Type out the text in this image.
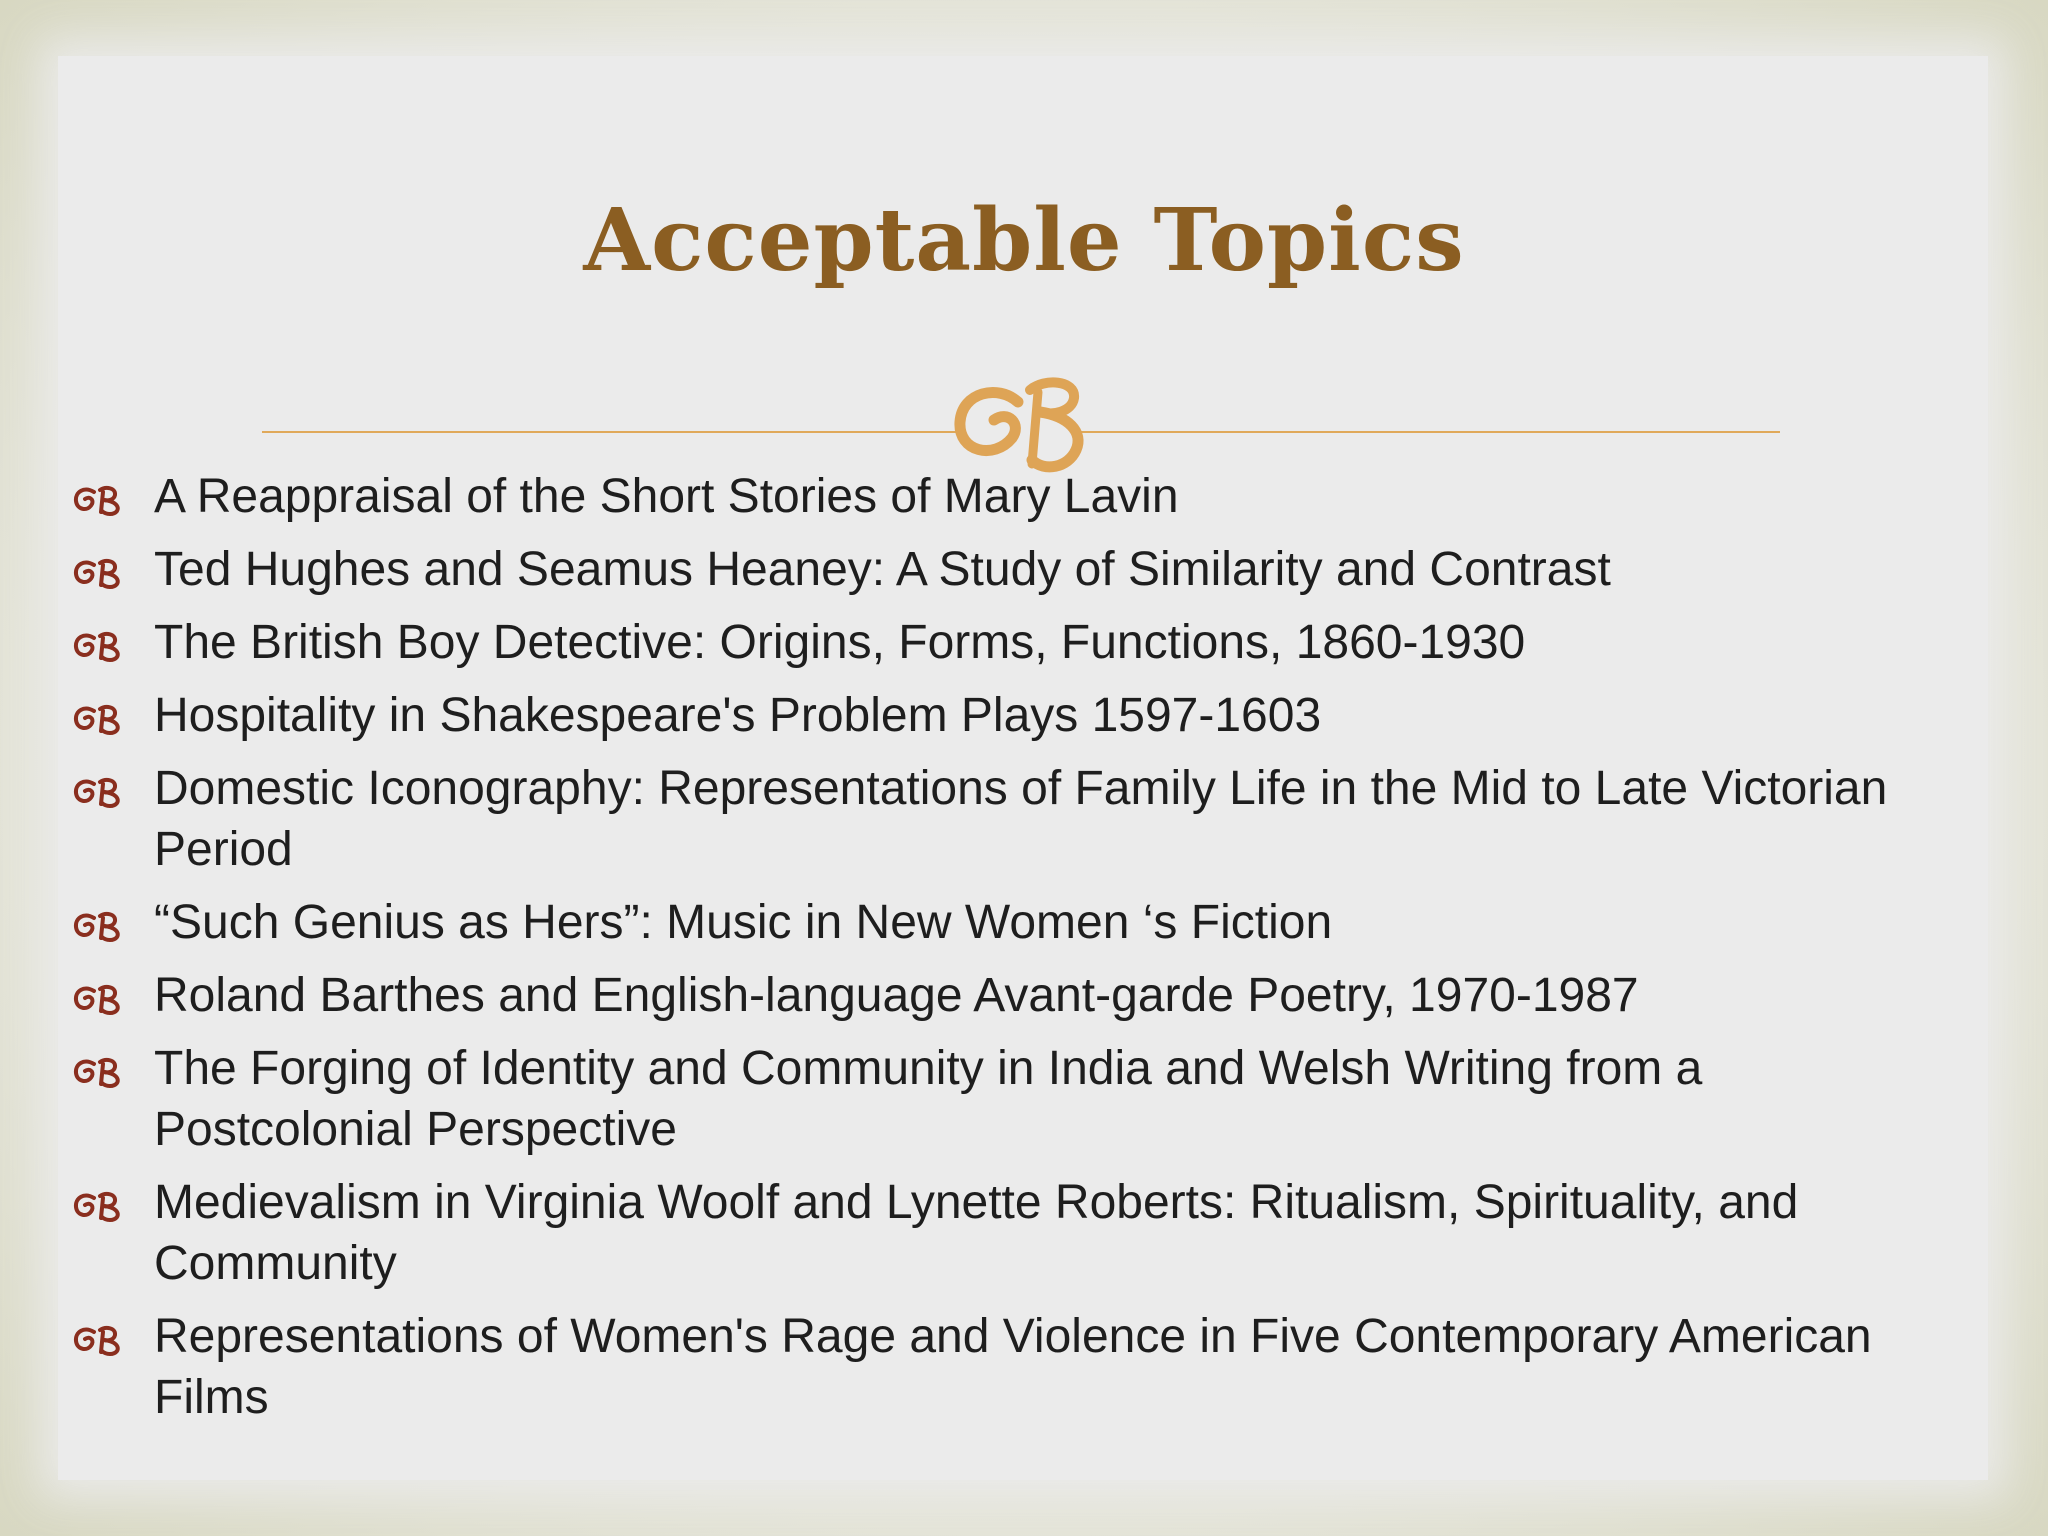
Acceptable Topics
A Reappraisal of the Short Stories of Mary Lavin
Ted Hughes and Seamus Heaney: A Study of Similarity and Contrast
The British Boy Detective: Origins, Forms, Functions, 1860-1930
Hospitality in Shakespeare's Problem Plays 1597-1603
Domestic Iconography: Representations of Family Life in the Mid to Late Victorian Period
“Such Genius as Hers”: Music in New Women ‘s Fiction
Roland Barthes and English-language Avant-garde Poetry, 1970-1987
The Forging of Identity and Community in India and Welsh Writing from a Postcolonial Perspective
Medievalism in Virginia Woolf and Lynette Roberts: Ritualism, Spirituality, and Community
Representations of Women's Rage and Violence in Five Contemporary American Films
